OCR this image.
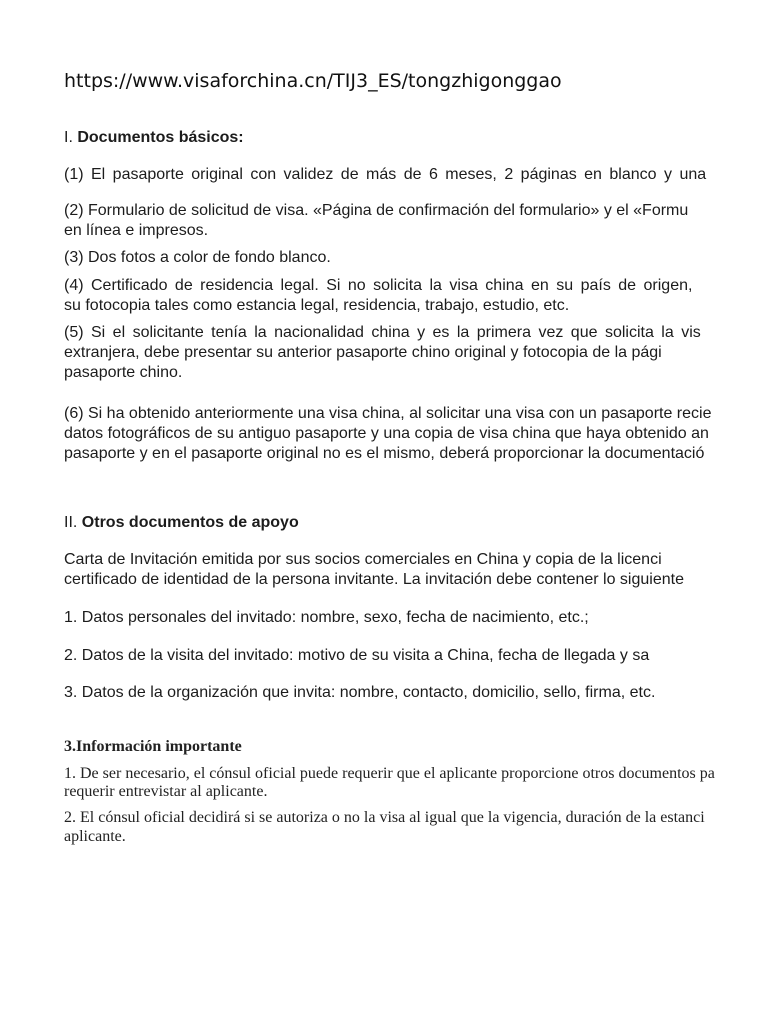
https://www.visaforchina.cn/TIJ3_ES/tongzhigonggao
I. Documentos básicos:
(1) El pasaporte original con validez de más de 6 meses, 2 páginas en blanco y una
(2) Formulario de solicitud de visa. «Página de confirmación del formulario» y el «Formu
en línea e impresos.
(3) Dos fotos a color de fondo blanco.
(4) Certificado de residencia legal. Si no solicita la visa china en su país de origen,
su fotocopia tales como estancia legal, residencia, trabajo, estudio, etc.
(5) Si el solicitante tenía la nacionalidad china y es la primera vez que solicita la vis
extranjera, debe presentar su anterior pasaporte chino original y fotocopia de la pági
pasaporte chino.
(6) Si ha obtenido anteriormente una visa china, al solicitar una visa con un pasaporte recie
datos fotográficos de su antiguo pasaporte y una copia de visa china que haya obtenido an
pasaporte y en el pasaporte original no es el mismo, deberá proporcionar la documentació
II. Otros documentos de apoyo
Carta de Invitación emitida por sus socios comerciales en China y copia de la licenci
certificado de identidad de la persona invitante. La invitación debe contener lo siguiente
1. Datos personales del invitado: nombre, sexo, fecha de nacimiento, etc.;
2. Datos de la visita del invitado: motivo de su visita a China, fecha de llegada y sa
3. Datos de la organización que invita: nombre, contacto, domicilio, sello, firma, etc.
3.Información importante
1. De ser necesario, el cónsul oficial puede requerir que el aplicante proporcione otros documentos pa
requerir entrevistar al aplicante.
2. El cónsul oficial decidirá si se autoriza o no la visa al igual que la vigencia, duración de la estanci
aplicante.
